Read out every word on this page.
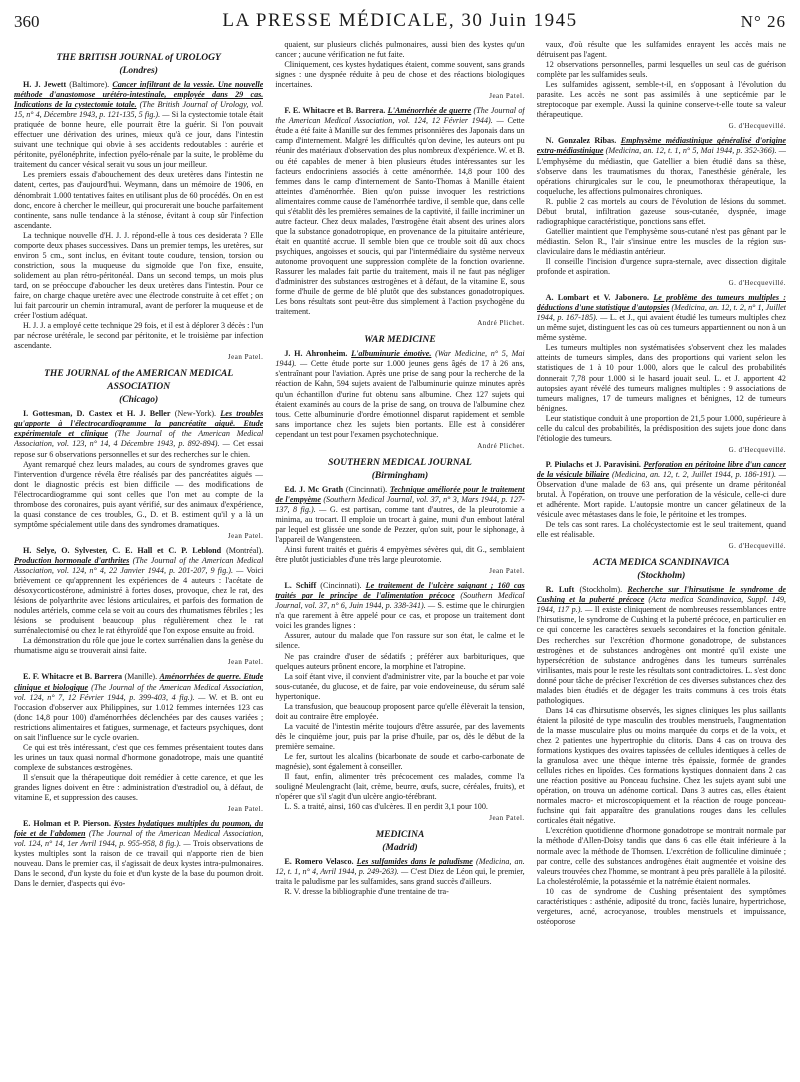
LA PRESSE MÉDICALE, 30 Juin 1945
360	N° 26
THE BRITISH JOURNAL of UROLOGY
(Londres)

H. J. Jewett (Baltimore). Cancer infiltrant de la vessie. Une nouvelle méthode d'anastomose urétéro-intestinale, employée dans 29 cas. Indications de la cystectomie totale. (The British Journal of Urology, vol. 15, n° 4, Décembre 1943, p. 121-135, 5 fig.). — Si la cystectomie totale était pratiquée de bonne heure, elle pourrait être la guérir. Si l'on pouvait effectuer une dérivation des urines, mieux qu'à ce jour, dans l'intestin suivant une technique qui obvie à ses accidents redoutables : aurérie et péritonite, pyélonéphrite, infection pyélo-rénale par la suite, le problème du traitement du cancer vésical serait vu sous un jour meilleur.

Les premiers essais d'abouchement des deux uretères dans l'intestin ne datent, certes, pas d'aujourd'hui. Weymann, dans un mémoire de 1906, en dénombrait 1.000 tentatives faites en utilisant plus de 60 procédés. On en est donc, encore à chercher le meilleur, qui procurerait une bouche parfaitement continente, sans nulle tendance à la sténose, évitant à coup sûr l'infection ascendante.

La technique nouvelle d'H. J. J. répond-elle à tous ces desiderata ? Elle comporte deux phases successives. Dans un premier temps, les uretères, sur environ 5 cm., sont inclus, en évitant toute coudure, tension, torsion ou constriction, sous la muqueuse du sigmoïde que l'on fixe, ensuite, solidement au plan rétro-péritonéal. Dans un second temps, un mois plus tard, on se préoccupe d'aboucher les deux uretères dans l'intestin. Pour ce faire, on charge chaque uretère avec une électrode construite à cet effet ; on lui fait parcourir un chemin intramural, avant de perforer la muqueuse et de créer l'ostium adéquat.

H. J. J. a employé cette technique 29 fois, et il est à déplorer 3 décès : l'un par nécrose urétérale, le second par péritonite, et le troisième par infection ascendante.

Jean Patel.
THE JOURNAL of the AMERICAN MEDICAL ASSOCIATION
(Chicago)

I. Gottesman, D. Castex et H. J. Beller (New-York). Les troubles qu'apporte à l'électrocardiogramme la pancréatite aiguë. Etude expérimentale et clinique (The Journal of the American Medical Association, vol. 123, n° 14, 4 Décembre 1943, p. 892-894). — Cet essai repose sur 6 observations personnelles et sur des recherches sur le chien.

Ayant remarqué chez leurs malades, au cours de syndromes graves que l'intervention d'urgence révéla être réalisés par des pancréatites aiguës — dont le diagnostic précis est bien difficile — des modifications de l'électrocardiogramme qui sont celles que l'on met au compte de la thrombose des coronaires, puis ayant vérifié, sur des animaux d'expérience, la quasi constance de ces troubles, G., D. et B. estiment qu'il y a là un symptôme spécialement utile dans des syndromes dramatiques.

Jean Patel.

H. Selye, O. Sylvester, C. E. Hall et C. P. Leblond (Montréal). Production hormonale d'arthrites (The Journal of the American Medical Association, vol. 124, n° 4, 22 Janvier 1944, p. 201-207, 9 fig.). — Voici brièvement ce qu'apprennent les expériences de 4 auteurs : l'acétate de désoxycorticostérone, administré à fortes doses, provoque, chez le rat, des lésions de polyarthrite avec lésions articulaires, et parfois des formation de nodules artériels, comme cela se voit au cours des rhumatismes fébriles ; les lésions se produisent beaucoup plus régulièrement chez le rat surrénalectomisé ou chez le rat éthyroïdé que l'on expose ensuite au froid.

La démonstration du rôle que joue le cortex surrénalien dans la genèse du rhumatisme aigu se trouverait ainsi faite.

Jean Patel.

E. F. Whitacre et B. Barrera (Manille). Aménorrhées de guerre. Etude clinique et biologique (The Journal of the American Medical Association, vol. 124, n° 7, 12 Février 1944, p. 399-403, 4 fig.). — W. et B. ont eu l'occasion d'observer aux Philippines, sur 1.012 femmes internées 123 cas (donc 14,8 pour 100) d'aménorrhées déclenchées par des causes variées ; restrictions alimentaires et fatigues, surmenage, et facteurs psychiques, dont on sait l'influence sur le cycle ovarien.

Ce qui est très intéressant, c'est que ces femmes présentaient toutes dans les urines un taux quasi normal d'hormone gonadotrope, mais une quantité complexe de substances œstrogènes.

Il s'ensuit que la thérapeutique doit remédier à cette carence, et que les grandes lignes doivent en être : administration d'œstradiol ou, à défaut, de vitamine E, et suppression des causes.

Jean Patel.

E. Holman et P. Pierson. Kystes hydatiques multiples du poumon, du foie et de l'abdomen (The Journal of the American Medical Association, vol. 124, n° 14, 1er Avril 1944, p. 955-958, 8 fig.). — Trois observations de kystes multiples sont la raison de ce travail qui n'apporte rien de bien nouveau. Dans le premier cas, il s'agissait de deux kystes intra-pulmonaires. Dans le second, d'un kyste du foie et d'un kyste de la base du poumon droit. Dans le dernier, d'aspects qui évo-

quaient, sur plusieurs clichés pulmonaires, aussi bien des kystes qu'un cancer ; aucune vérification ne fut faite.

Cliniquement, ces kystes hydatiques étaient, comme souvent, sans grands signes : une dyspnée réduite à peu de chose et des réactions biologiques incertaines.

Jean Patel.

F. E. Whitacre et B. Barrera. L'Aménorrhée de guerre (The Journal of the American Medical Association, vol. 124, 12 Février 1944). — Cette étude a été faite à Manille sur des femmes prisonnières des Japonais dans un camp d'internement. Malgré les difficultés qu'on devine, les auteurs ont pu réunir des matériaux d'observation des plus nombreux d'expérience. W. et B. ou été capables de mener à bien plusieurs études intéressantes sur les facteurs endocriniens associés à cette aménorrhée. 14,8 pour 100 des femmes dans le camp d'internement de Santo-Thomas à Manille étaient atteintes d'aménorrhée. Bien qu'on puisse invoquer les restrictions alimentaires comme cause de l'aménorrhée tardive, il semble que, dans celle qui s'établit dès les premières semaines de la captivité, il faille incriminer un autre facteur. Chez deux malades, l'œstrogène était absent des urines alors que la substance gonadotropique, en provenance de la pituitaire antérieure, était en quantité accrue. Il semble bien que ce trouble soit dû aux chocs psychiques, angoisses et soucis, qui par l'intermédiaire du système nerveux autonome provoquent une suppression complète de la fonction ovarienne. Rassurer les malades fait partie du traitement, mais il ne faut pas négliger d'administrer des substances œstrogènes et à défaut, de la vitamine E, sous forme d'huile de germe de blé plutôt que des substances gonadotropiques. Les bons résultats sont peut-être dus simplement à l'action psychogène du traitement.

André Plichet.
WAR MEDICINE

J. H. Ahronheim. L'albuminurie émotive. (War Medicine, n° 5, Mai 1944). — Cette étude porte sur 1.000 jeunes gens âgés de 17 à 26 ans, s'entraînant pour l'aviation. Après une prise de sang pour la recherche de la réaction de Kahn, 594 sujets avaient de l'albuminurie quinze minutes après qu'un échantillon d'urine fut obtenu sans albumine. Chez 127 sujets qui étaient examinés au cours de la prise de sang, on trouva de l'albumine chez tous. Cette albuminurie d'ordre émotionnel disparut rapidement et semble sans importance chez les sujets bien portants. Elle est à considérer cependant un test pour l'examen psychotechnique.

André Plichet.
SOUTHERN MEDICAL JOURNAL
(Birmingham)

Ed. J. Mc Grath (Cincinnati). Technique améliorée pour le traitement de l'empyème (Southern Medical Journal, vol. 37, n° 3, Mars 1944, p. 127-137, 8 fig.). — G. est partisan, comme tant d'autres, de la pleurotomie a minima, au trocart. Il emploie un trocart à gaine, muni d'un embout latéral par lequel est glissée une sonde de Pezzer, qu'on suit, pour le siphonage, à l'appareil de Wangensteen.

Ainsi furent traités et guéris 4 empyèmes sévères qui, dit G., semblaient être plutôt justiciables d'une très large pleurotomie.

Jean Patel.

L. Schiff (Cincinnati). Le traitement de l'ulcère saignant ; 160 cas traités par le principe de l'alimentation précoce (Southern Medical Journal, vol. 37, n° 6, Juin 1944, p. 338-341). — S. estime que le chirurgien n'a que rarement à être appelé pour ce cas, et propose un traitement dont voici les grandes lignes :

Assurer, autour du malade que l'on rassure sur son état, le calme et le silence.

Ne pas craindre d'user de sédatifs ; préférer aux barbituriques, que quelques auteurs prônent encore, la morphine et l'atropine.

La soif étant vive, il convient d'administrer vite, par la bouche et par voie sous-cutanée, du glucose, et de faire, par voie endoveineuse, du sérum salé hypertonique.

La transfusion, que beaucoup proposent parce qu'elle élèverait la tension, doit au contraire être employée.

La vacuité de l'intestin mérite toujours d'être assurée, par des lavements dès le cinquième jour, puis par la prise d'huile, par os, dès le début de la première semaine.

Le fer, surtout les alcalins (bicarbonate de soude et carbo-carbonate de magnésie), sont également à conseiller.

Il faut, enfin, alimenter très précocement ces malades, comme l'a souligné Meulengracht (lait, crème, beurre, œufs, sucre, céréales, fruits), et n'opérer que s'il s'agit d'un ulcère angio-térébrant.

L. S. a traité, ainsi, 160 cas d'ulcères. Il en perdit 3,1 pour 100.

Jean Patel.
MEDICINA
(Madrid)

E. Romero Velasco. Les sulfamides dans le paludisme (Medicina, an. 12, t. 1, n° 4, Avril 1944, p. 249-263). — C'est Diez de Léon qui, le premier, traita le paludisme par les sulfamides, sans grand succès d'ailleurs.

R. V. dresse la bibliographie d'une trentaine de tra-

vaux, d'où résulte que les sulfamides enrayent les accès mais ne détruisent pas l'agent.

12 observations personnelles, parmi lesquelles un seul cas de guérison complète par les sulfamides seuls.

Les sulfamides agissent, semble-t-il, en s'opposant à l'évolution du parasite. Les accès ne sont pas assimilés à une septicémie par le streptocoque par exemple. Aussi la quinine conserve-t-elle toute sa valeur thérapeutique.

G. d'Hecquevillé.

N. Gonzalez Ribas. Emphysème médiastinique généralisé d'origine extra-médiastinique (Medicina, an. 12, t. 1, n° 5, Mai 1944, p. 352-366). — L'emphysème du médiastin, que Gatellier a bien étudié dans sa thèse, s'observe dans les traumatismes du thorax, l'anesthésie générale, les opérations chirurgicales sur le cou, le pneumothorax thérapeutique, la coqueluche, les affections pulmonaires chroniques.

R. publie 2 cas mortels au cours de l'évolution de lésions du sommet. Début brutal, infiltration gazeuse sous-cutanée, dyspnée, image radiographique caractéristique, ponctions sans effet.

Gatellier maintient que l'emphysème sous-cutané n'est pas gênant par le médiastin. Selon R., l'air s'insinue entre les muscles de la région sus-claviculaire dans le médiastin antérieur.

Il conseille l'incision d'urgence supra-sternale, avec dissection digitale profonde et aspiration.

G. d'Hecquevillé.

A. Lombart et V. Jabonero. Le problème des tumeurs multiples : déductions d'une statistique d'autopsies (Medicina, an. 12, t. 2, n° 1, Juillet 1944, p. 167-185). — L. et J., qui avaient étudié les tumeurs multiples chez un même sujet, distinguent les cas où ces tumeurs appartiennent ou non à un même système.

Les tumeurs multiples non systématisées s'observent chez les malades atteints de tumeurs simples, dans des proportions qui varient selon les statistiques de 1 à 10 pour 1.000, alors que le calcul des probabilités donnerait 7,78 pour 1.000 si le hasard jouait seul. L. et J. apportent 42 autopsies ayant révélé des tumeurs malignes multiples : 9 associations de tumeurs malignes, 17 de tumeurs malignes et bénignes, 12 de tumeurs bénignes.

Leur statistique conduit à une proportion de 21,5 pour 1.000, supérieure à celle du calcul des probabilités, la prédisposition des sujets joue donc dans l'étiologie des tumeurs.

G. d'Hecquevillé.

P. Piulachs et J. Paravisini. Perforation en péritoine libre d'un cancer de la vésicule biliaire (Medicina, an. 12, t. 2, Juillet 1944, p. 186-191). — Observation d'une malade de 63 ans, qui présente un drame péritonéal brutal. À l'opération, on trouve une perforation de la vésicule, celle-ci dure et adhérente. Mort rapide. L'autopsie montre un cancer gélatineux de la vésicule avec métastases dans le foie, le péritoine et les trompes.

De tels cas sont rares. La cholécystectomie est le seul traitement, quand elle est réalisable.

G. d'Hecquevillé.
ACTA MEDICA SCANDINAVICA
(Stockholm)

R. Luft (Stockholm). Recherche sur l'hirsutisme le syndrome de Cushing et la puberté précoce (Acta medica Scandinavica, Suppl. 149, 1944, 117 p.). — Il existe cliniquement de nombreuses ressemblances entre l'hirsutisme, le syndrome de Cushing et la puberté précoce, en particulier en ce qui concerne les caractères sexuels secondaires et la fonction génitale. Des recherches sur l'excrétion d'hormone gonadotrope, de substances œstrogènes et de substances androgènes ont montré qu'il existe une hypersécrétion de substance androgènes dans les tumeurs surrénales virilisantes, mais pour le reste les résultats sont contradictoires. L. s'est donc donné pour tâche de préciser l'excrétion de ces diverses substances chez des malades bien étudiés et de dégager les traits communs à ces trois états pathologiques.

Dans 14 cas d'hirsutisme observés, les signes cliniques les plus saillants étaient la pilosité de type masculin des troubles menstruels, l'augmentation de la masse musculaire plus ou moins marquée du corps et de la voix, et chez 2 patientes une hypertrophie du clitoris. Dans 4 cas on trouva des formations kystiques des ovaires tapissées de cellules identiques à celles de la granulosa avec une thèque interne très épaissie, formée de grandes cellules riches en lipoïdes. Ces formations kystiques donnaient dans 2 cas une réaction positive au Ponceau fuchsine. Chez les sujets ayant subi une opération, on trouva un adénome cortical. Dans 3 autres cas, elles étaient normales macro- et microscopiquement et la réaction de rouge ponceau-fuchsine qui fait apparaître des granulations rouges dans les cellules corticales était négative.

L'excrétion quotidienne d'hormone gonadotrope se montrait normale par la méthode d'Allen-Doisy tandis que dans 6 cas elle était inférieure à la normale avec la méthode de Thomsen. L'excrétion de folliculine diminuée ; par contre, celle des substances androgènes était augmentée et voisine des valeurs trouvées chez l'homme, se montrant à peu près parallèle à la pilosité. La cholestérolémie, la potassémie et la natrémie étaient normales.

10 cas de syndrome de Cushing présentaient des symptômes caractéristiques : asthénie, adiposité du tronc, faciès lunaire, hypertrichose, vergetures, acné, acrocyanose, troubles menstruels et impuissance, ostéoporose
